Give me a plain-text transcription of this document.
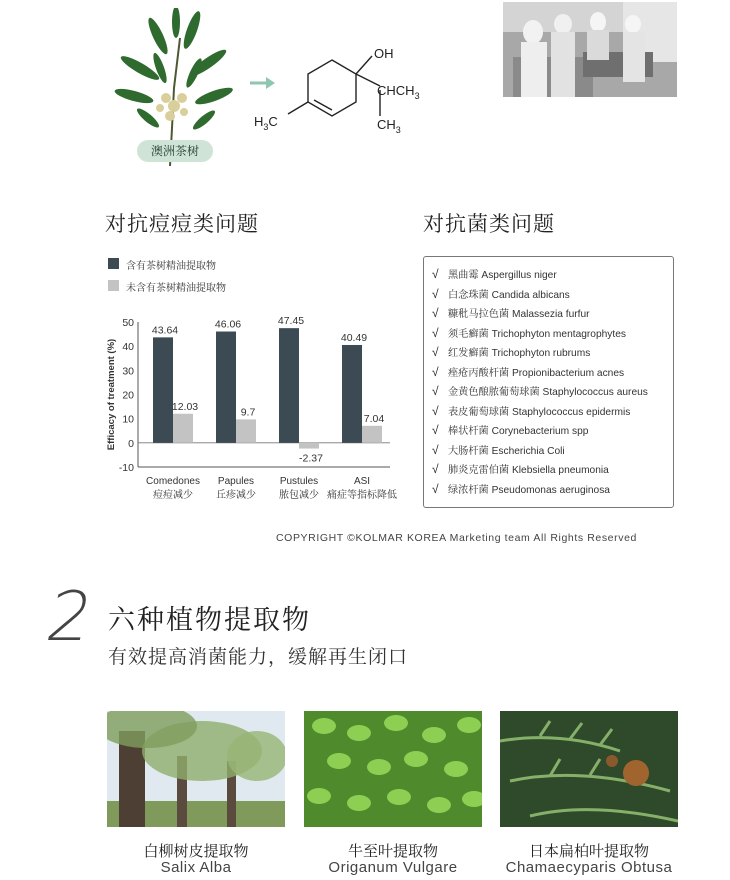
澳洲茶树
OH
$CHCH_3$
$CH_3$
$H_3C$
对抗痘痘类问题	对抗菌类问题
含有茶树精油提取物
未含有茶树精油提取物
Efficacy of treatment (%)
-10
0
10
20
30
40
50
43.64
12.03
Comedones
痘痘减少
46.06
9.7
Papules
丘疹减少
47.45
-2.37
Pustules
脓包减少
40.49
7.04
ASI
痛症等指标降低
√ 黑曲霉 Aspergillus niger
√ 白念珠菌 Candida albicans
√ 糠秕马拉色菌 Malassezia furfur
√ 须毛癣菌 Trichophyton mentagrophytes
√ 红发癣菌 Trichophyton rubrums
√ 痤疮丙酸杆菌 Propionibacterium acnes
√ 金黄色酿脓葡萄球菌 Staphylococcus aureus
√ 表皮葡萄球菌 Staphylococcus epidermis
√ 棒状杆菌 Corynebacterium spp
√ 大肠杆菌 Escherichia Coli
√ 肺炎克雷伯菌 Klebsiella pneumonia
√ 绿浓杆菌 Pseudomonas aeruginosa
COPYRIGHT ©KOLMAR KOREA Marketing team All Rights Reserved
2 六种植物提取物
有效提高消菌能力，缓解再生闭口
白柳树皮提取物
Salix Alba
牛至叶提取物
Origanum Vulgare
日本扁柏叶提取物
Chamaecyparis Obtusa
